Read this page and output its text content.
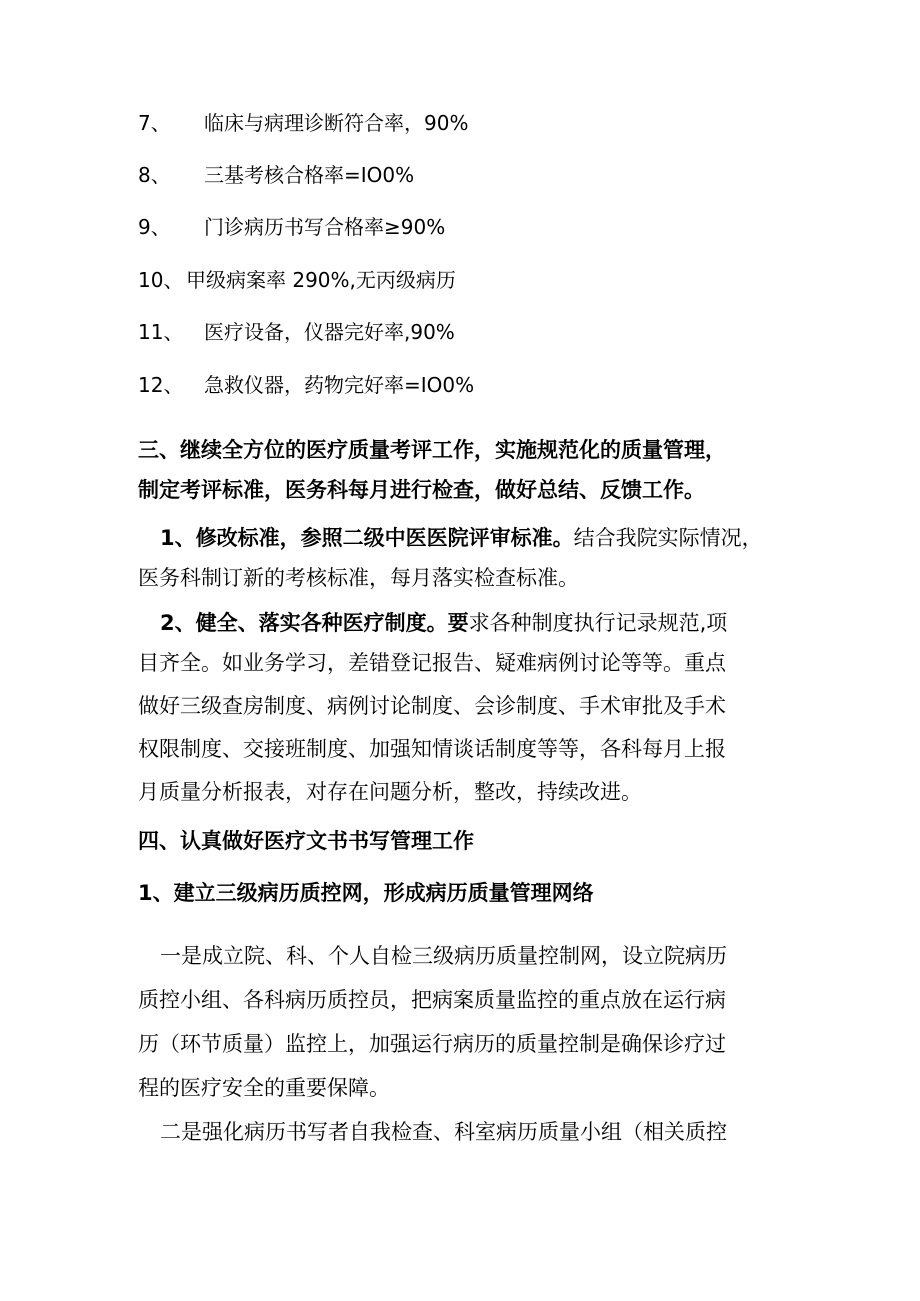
7、 临床与病理诊断符合率，90%
8、 三基考核合格率=IO0%
9、 门诊病历书写合格率≥90%
10、 甲级病案率 290%,无丙级病历
11、 医疗设备，仪器完好率,90%
12、 急救仪器，药物完好率=IO0%
三、继续全方位的医疗质量考评工作，实施规范化的质量管理，
制定考评标准，医务科每月进行检查，做好总结、反馈工作。
1、修改标准，参照二级中医医院评审标准。结合我院实际情况，
医务科制订新的考核标准，每月落实检查标准。
2、健全、落实各种医疗制度。要求各种制度执行记录规范,项
目齐全。如业务学习，差错登记报告、疑难病例讨论等等。重点
做好三级查房制度、病例讨论制度、会诊制度、手术审批及手术
权限制度、交接班制度、加强知情谈话制度等等，各科每月上报
月质量分析报表，对存在问题分析，整改，持续改进。
四、认真做好医疗文书书写管理工作
1、建立三级病历质控网，形成病历质量管理网络
一是成立院、科、个人自检三级病历质量控制网，设立院病历
质控小组、各科病历质控员，把病案质量监控的重点放在运行病
历（环节质量）监控上，加强运行病历的质量控制是确保诊疗过
程的医疗安全的重要保障。
二是强化病历书写者自我检查、科室病历质量小组（相关质控
